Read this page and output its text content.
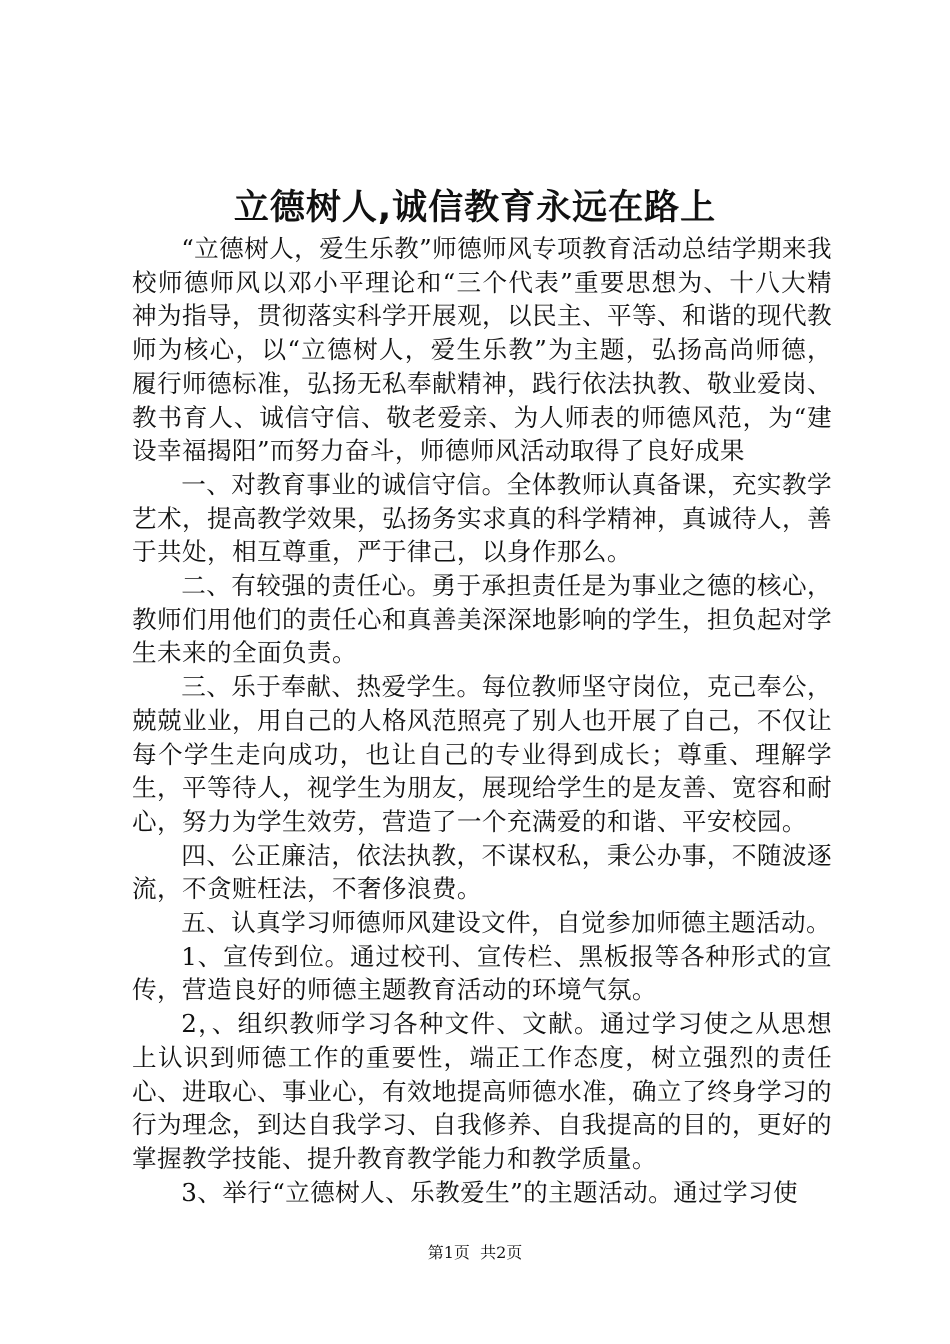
立德树人,诚信教育永远在路上

“立德树人，爱生乐教”师德师风专项教育活动总结学期来我校师德师风以邓小平理论和“三个代表”重要思想为、十八大精神为指导，贯彻落实科学开展观，以民主、平等、和谐的现代教师为核心，以“立德树人，爱生乐教”为主题，弘扬高尚师德，履行师德标准，弘扬无私奉献精神，践行依法执教、敬业爱岗、教书育人、诚信守信、敬老爱亲、为人师表的师德风范，为“建设幸福揭阳”而努力奋斗，师德师风活动取得了良好成果

一、对教育事业的诚信守信。全体教师认真备课，充实教学艺术，提高教学效果，弘扬务实求真的科学精神，真诚待人，善于共处，相互尊重，严于律己，以身作那么。

二、有较强的责任心。勇于承担责任是为事业之德的核心，教师们用他们的责任心和真善美深深地影响的学生，担负起对学生未来的全面负责。

三、乐于奉献、热爱学生。每位教师坚守岗位，克己奉公，兢兢业业，用自己的人格风范照亮了别人也开展了自己，不仅让每个学生走向成功，也让自己的专业得到成长；尊重、理解学生，平等待人，视学生为朋友，展现给学生的是友善、宽容和耐心，努力为学生效劳，营造了一个充满爱的和谐、平安校园。

四、公正廉洁，依法执教，不谋权私，秉公办事，不随波逐流，不贪赃枉法，不奢侈浪费。

五、认真学习师德师风建设文件，自觉参加师德主题活动。

1、宣传到位。通过校刊、宣传栏、黑板报等各种形式的宣传，营造良好的师德主题教育活动的环境气氛。

2，、组织教师学习各种文件、文献。通过学习使之从思想上认识到师德工作的重要性，端正工作态度，树立强烈的责任心、进取心、事业心，有效地提高师德水准，确立了终身学习的行为理念，到达自我学习、自我修养、自我提高的目的，更好的掌握教学技能、提升教育教学能力和教学质量。

3、举行“立德树人、乐教爱生”的主题活动。通过学习使

第1页 共2页
